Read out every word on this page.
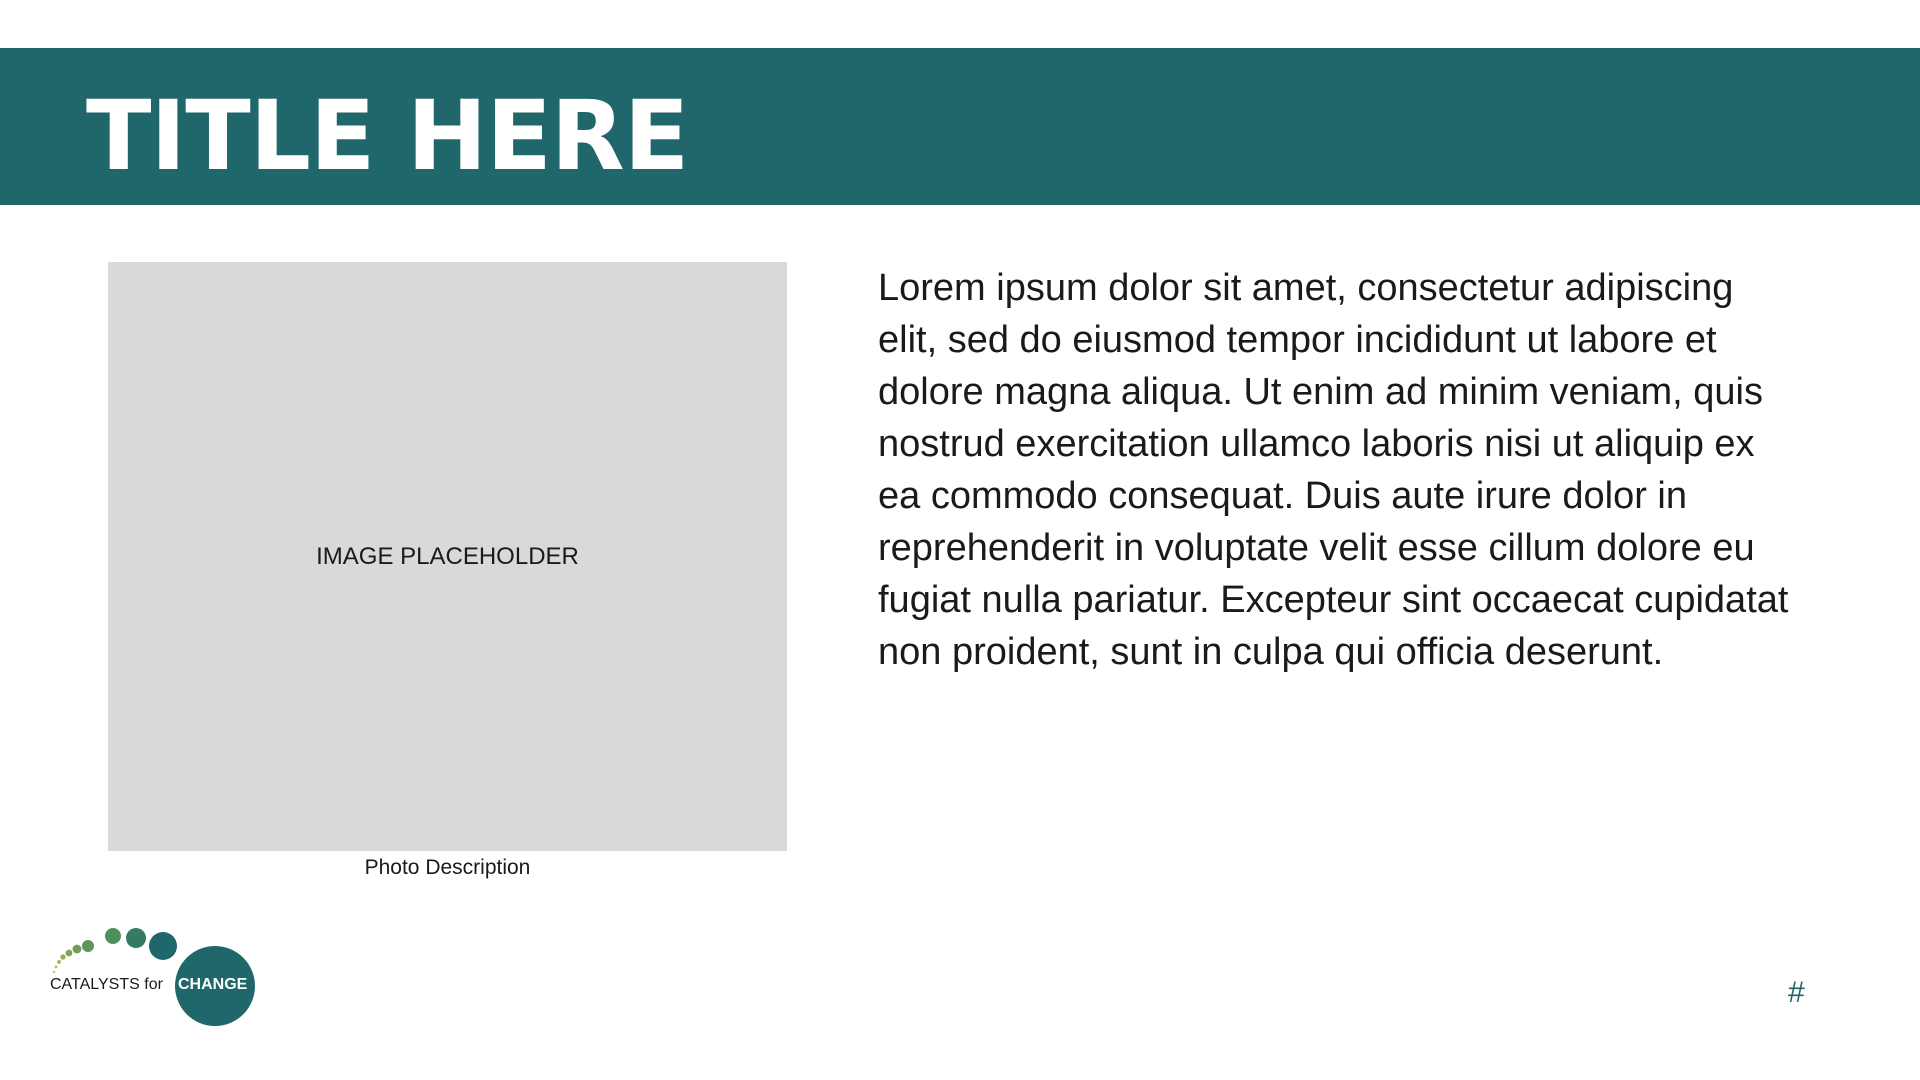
TITLE HERE
IMAGE PLACEHOLDER
Photo Description

Lorem ipsum dolor sit amet, consectetur adipiscing elit, sed do eiusmod tempor incididunt ut labore et dolore magna aliqua. Ut enim ad minim veniam, quis nostrud exercitation ullamco laboris nisi ut aliquip ex ea commodo consequat. Duis aute irure dolor in reprehenderit in voluptate velit esse cillum dolore eu fugiat nulla pariatur. Excepteur sint occaecat cupidatat non proident, sunt in culpa qui officia deserunt.

CATALYSTS for CHANGE	#
